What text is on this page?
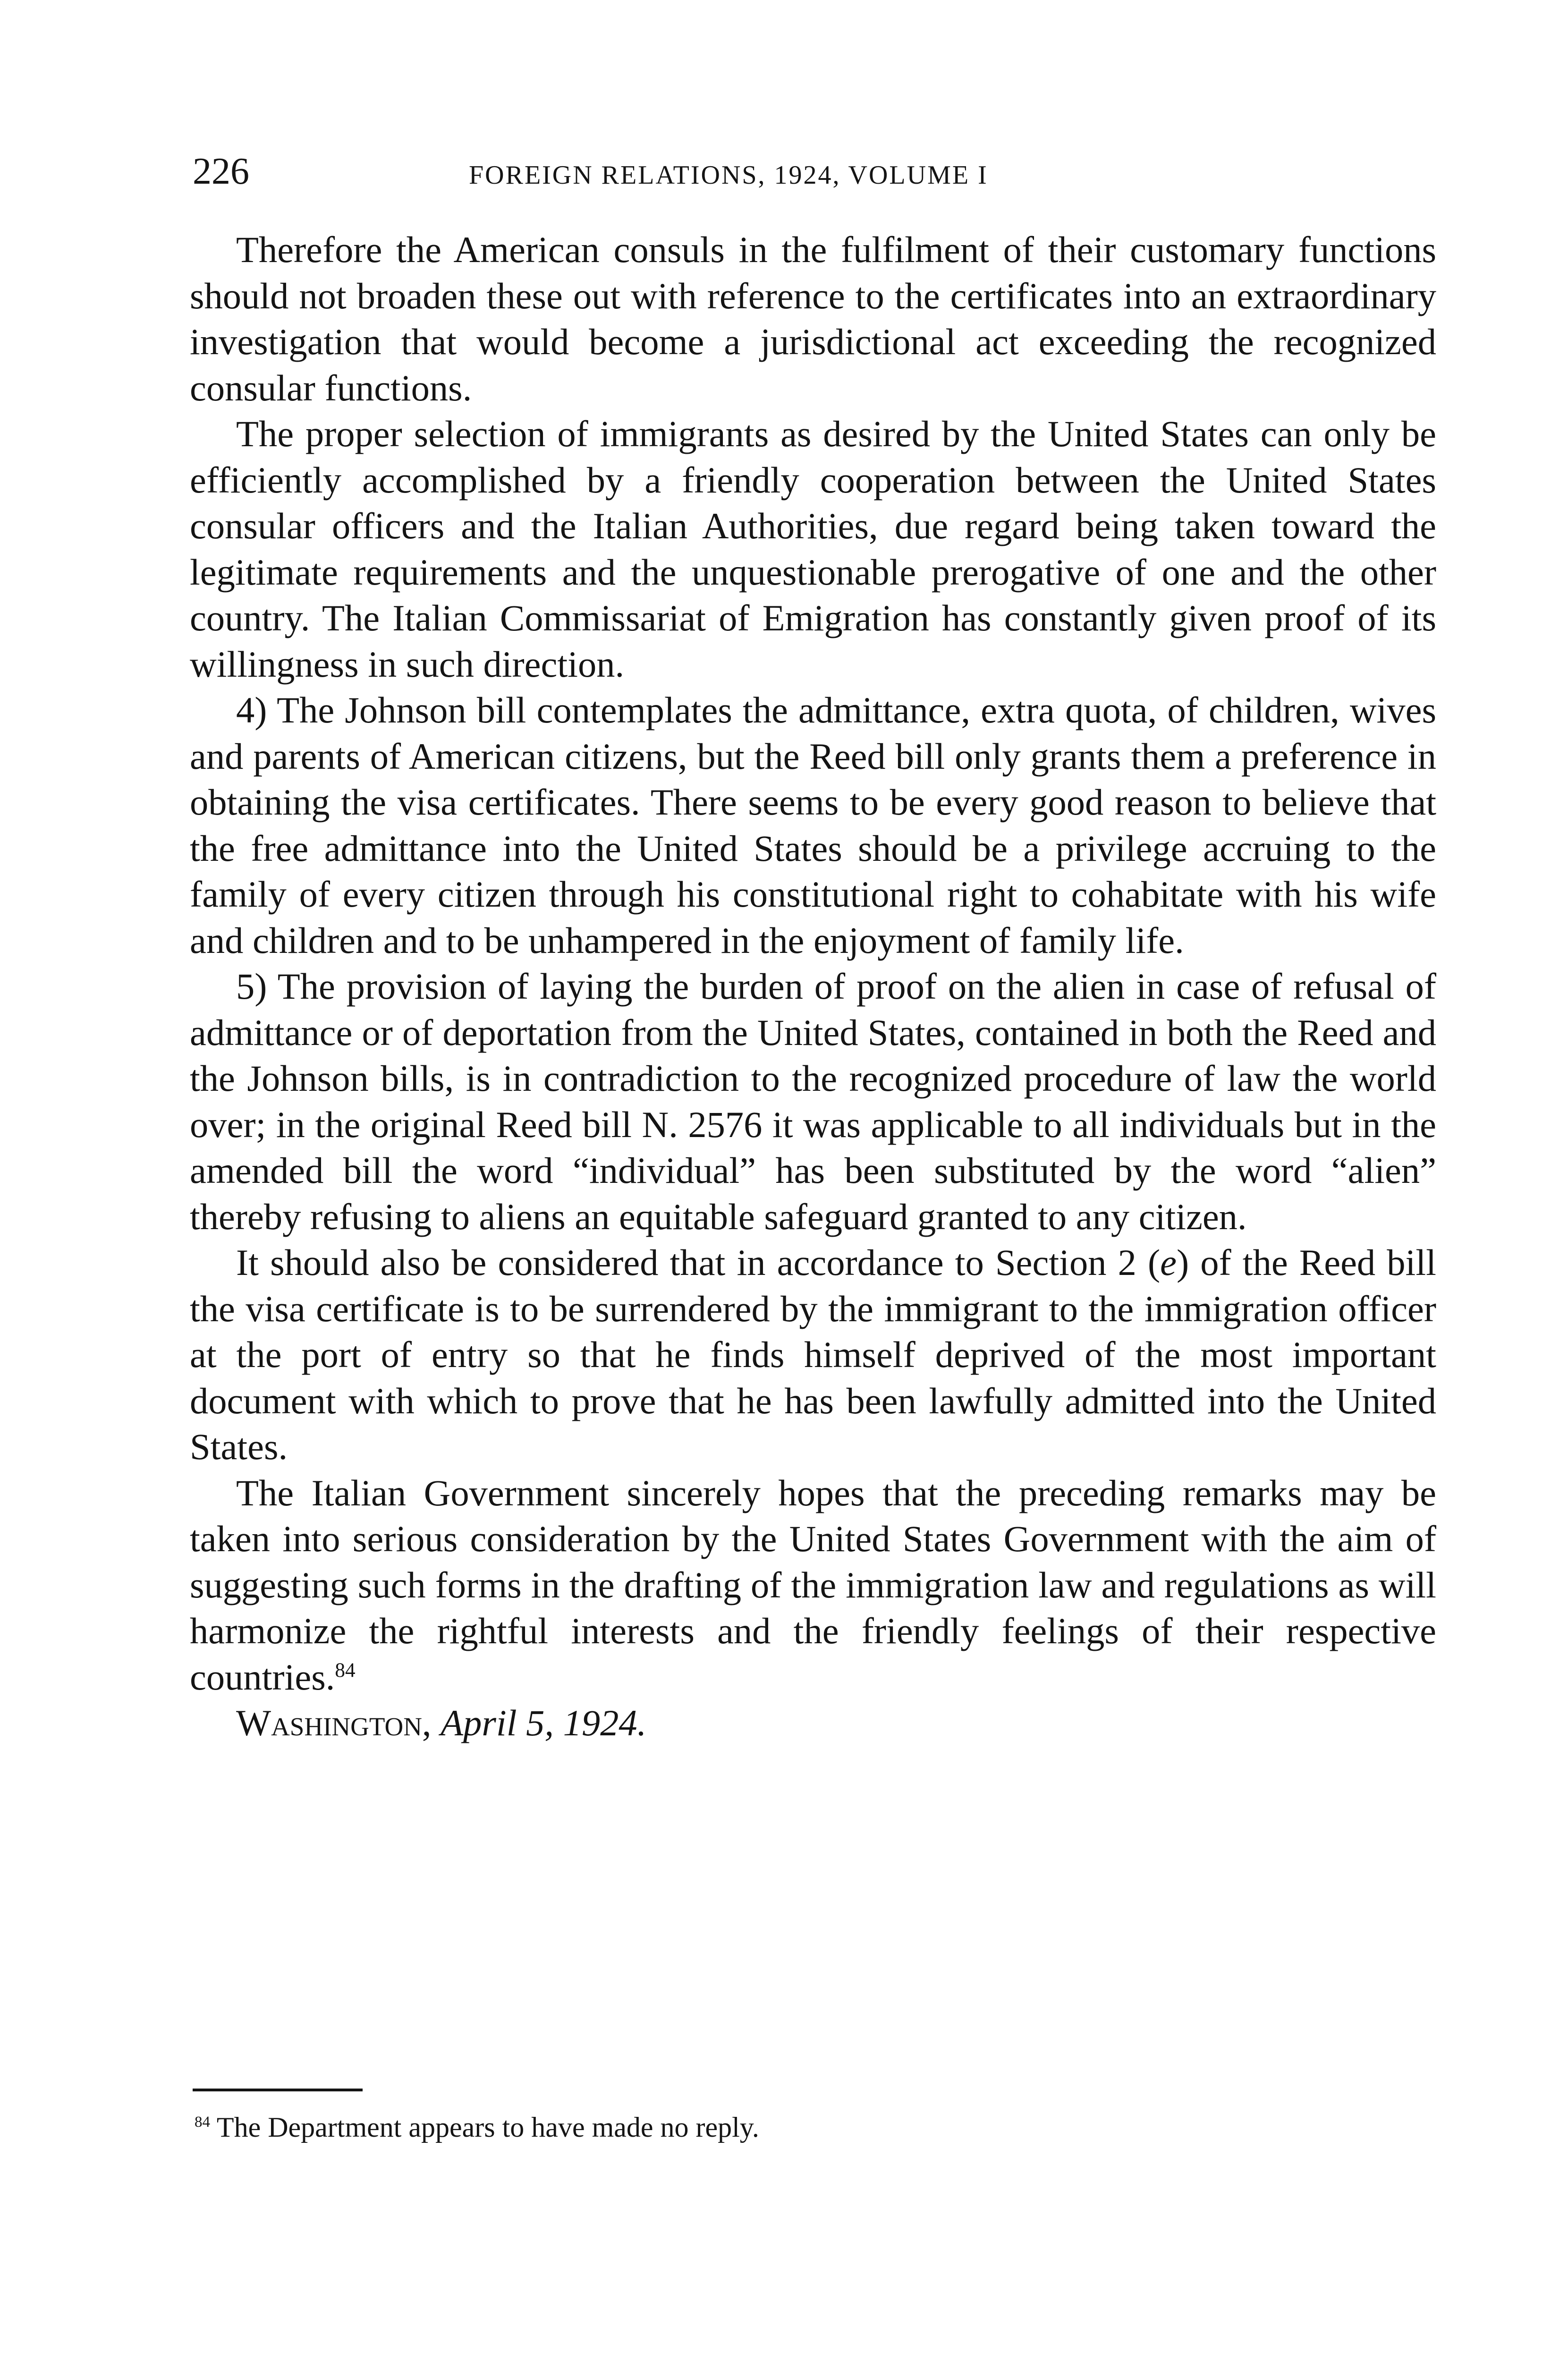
226	FOREIGN RELATIONS, 1924, VOLUME I

Therefore the American consuls in the fulfilment of their customary functions should not broaden these out with reference to the certificates into an extraordinary investigation that would become a jurisdictional act exceeding the recognized consular functions.

The proper selection of immigrants as desired by the United States can only be efficiently accomplished by a friendly cooperation between the United States consular officers and the Italian Authorities, due regard being taken toward the legitimate requirements and the unquestionable prerogative of one and the other country. The Italian Commissariat of Emigration has constantly given proof of its willingness in such direction.

4) The Johnson bill contemplates the admittance, extra quota, of children, wives and parents of American citizens, but the Reed bill only grants them a preference in obtaining the visa certificates. There seems to be every good reason to believe that the free admittance into the United States should be a privilege accruing to the family of every citizen through his constitutional right to cohabitate with his wife and children and to be unhampered in the enjoyment of family life.

5) The provision of laying the burden of proof on the alien in case of refusal of admittance or of deportation from the United States, contained in both the Reed and the Johnson bills, is in contradiction to the recognized procedure of law the world over; in the original Reed bill N. 2576 it was applicable to all individuals but in the amended bill the word “individual” has been substituted by the word “alien” thereby refusing to aliens an equitable safeguard granted to any citizen.

It should also be considered that in accordance to Section 2 (e) of the Reed bill the visa certificate is to be surrendered by the immigrant to the immigration officer at the port of entry so that he finds himself deprived of the most important document with which to prove that he has been lawfully admitted into the United States.

The Italian Government sincerely hopes that the preceding remarks may be taken into serious consideration by the United States Government with the aim of suggesting such forms in the drafting of the immigration law and regulations as will harmonize the rightful interests and the friendly feelings of their respective countries.$^{84}$

Washington, April 5, 1924.

$^{84}$ The Department appears to have made no reply.
